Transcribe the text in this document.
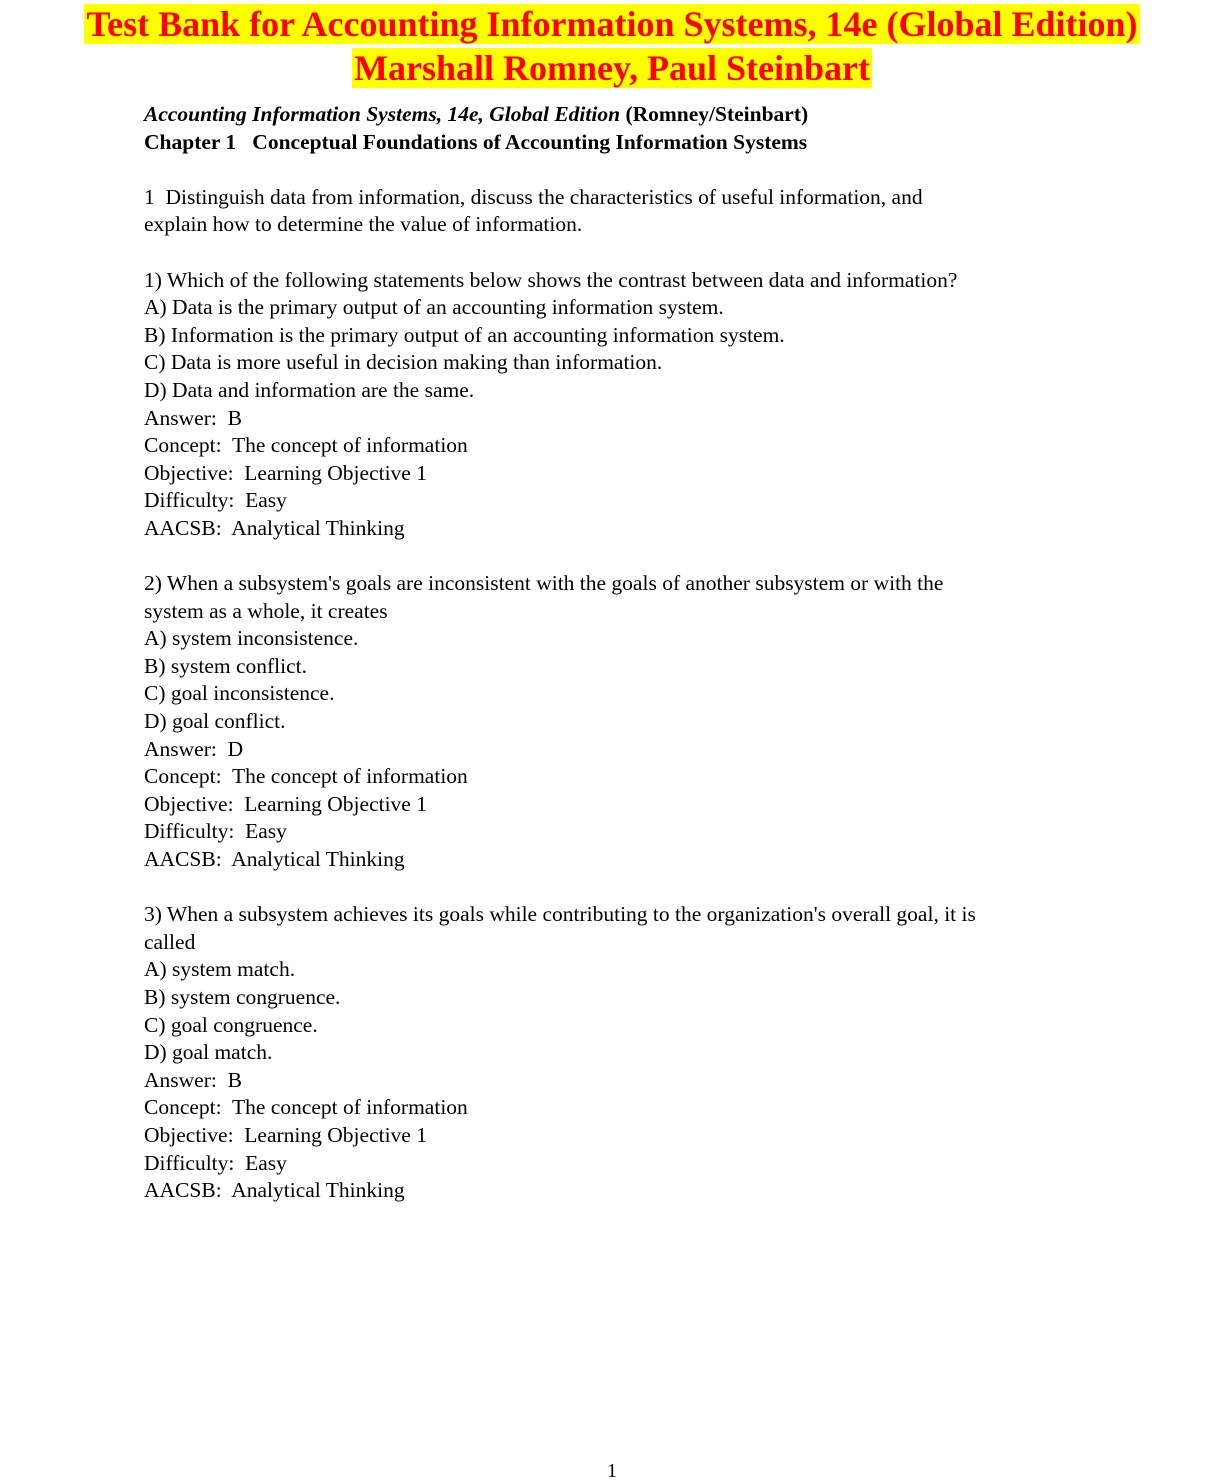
Test Bank for Accounting Information Systems, 14e (Global Edition)
Marshall Romney, Paul Steinbart

Accounting Information Systems, 14e, Global Edition (Romney/Steinbart)

Chapter 1   Conceptual Foundations of Accounting Information Systems

1  Distinguish data from information, discuss the characteristics of useful information, and

explain how to determine the value of information.

1) Which of the following statements below shows the contrast between data and information?

A) Data is the primary output of an accounting information system.

B) Information is the primary output of an accounting information system.

C) Data is more useful in decision making than information.

D) Data and information are the same.

Answer:  B

Concept:  The concept of information

Objective:  Learning Objective 1

Difficulty:  Easy

AACSB:  Analytical Thinking

2) When a subsystem's goals are inconsistent with the goals of another subsystem or with the

system as a whole, it creates

A) system inconsistence.

B) system conflict.

C) goal inconsistence.

D) goal conflict.

Answer:  D

Concept:  The concept of information

Objective:  Learning Objective 1

Difficulty:  Easy

AACSB:  Analytical Thinking

3) When a subsystem achieves its goals while contributing to the organization's overall goal, it is

called

A) system match.

B) system congruence.

C) goal congruence.

D) goal match.

Answer:  B

Concept:  The concept of information

Objective:  Learning Objective 1

Difficulty:  Easy

AACSB:  Analytical Thinking

1
